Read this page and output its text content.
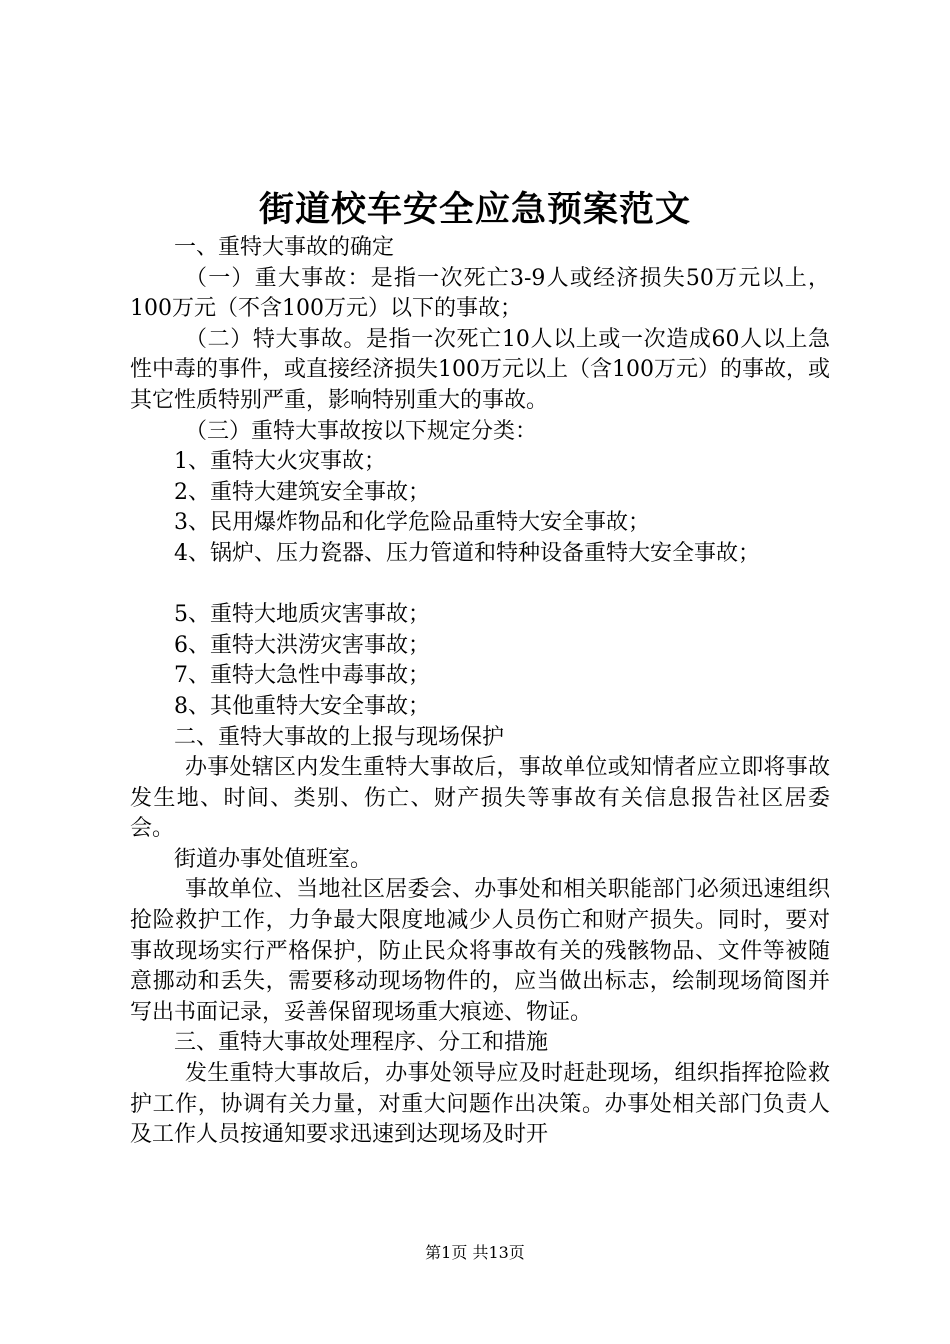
街道校车安全应急预案范文

一、重特大事故的确定

（一）重大事故：是指一次死亡3-9人或经济损失50万元以上，100万元（不含100万元）以下的事故；

（二）特大事故。是指一次死亡10人以上或一次造成60人以上急性中毒的事件，或直接经济损失100万元以上（含100万元）的事故，或其它性质特别严重，影响特别重大的事故。

（三）重特大事故按以下规定分类：

1、重特大火灾事故；

2、重特大建筑安全事故；

3、民用爆炸物品和化学危险品重特大安全事故；

4、锅炉、压力瓷器、压力管道和特种设备重特大安全事故；

5、重特大地质灾害事故；

6、重特大洪涝灾害事故；

7、重特大急性中毒事故；

8、其他重特大安全事故；

二、重特大事故的上报与现场保护

办事处辖区内发生重特大事故后，事故单位或知情者应立即将事故发生地、时间、类别、伤亡、财产损失等事故有关信息报告社区居委会。

街道办事处值班室。

事故单位、当地社区居委会、办事处和相关职能部门必须迅速组织抢险救护工作，力争最大限度地减少人员伤亡和财产损失。同时，要对事故现场实行严格保护，防止民众将事故有关的残骸物品、文件等被随意挪动和丢失，需要移动现场物件的，应当做出标志，绘制现场简图并写出书面记录，妥善保留现场重大痕迹、物证。

三、重特大事故处理程序、分工和措施

发生重特大事故后，办事处领导应及时赶赴现场，组织指挥抢险救护工作，协调有关力量，对重大问题作出决策。办事处相关部门负责人及工作人员按通知要求迅速到达现场及时开

第1页 共13页
